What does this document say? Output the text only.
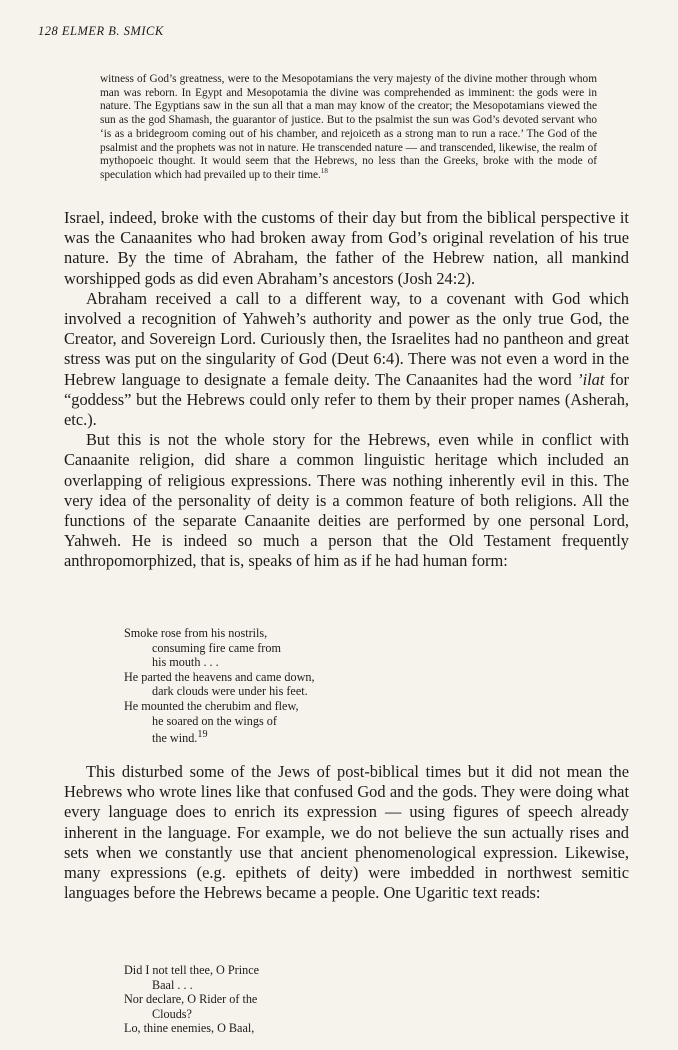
128 ELMER B. SMICK
witness of God’s greatness, were to the Mesopotamians the very majesty of the divine mother through whom man was reborn. In Egypt and Mesopotamia the divine was comprehended as imminent: the gods were in nature. The Egyptians saw in the sun all that a man may know of the creator; the Mesopotamians viewed the sun as the god Shamash, the guarantor of justice. But to the psalmist the sun was God’s devoted servant who ‘is as a bridegroom coming out of his chamber, and rejoiceth as a strong man to run a race.’ The God of the psalmist and the prophets was not in nature. He transcended nature — and transcended, likewise, the realm of mythopoeic thought. It would seem that the Hebrews, no less than the Greeks, broke with the mode of speculation which had prevailed up to their time.$^{18}$

Israel, indeed, broke with the customs of their day but from the biblical perspective it was the Canaanites who had broken away from God’s original revelation of his true nature. By the time of Abraham, the father of the Hebrew nation, all mankind worshipped gods as did even Abraham’s ancestors (Josh 24:2).

Abraham received a call to a different way, to a covenant with God which involved a recognition of Yahweh’s authority and power as the only true God, the Creator, and Sovereign Lord. Curiously then, the Israelites had no pantheon and great stress was put on the singularity of God (Deut 6:4). There was not even a word in the Hebrew language to designate a female deity. The Canaanites had the word ’ilat for “goddess” but the Hebrews could only refer to them by their proper names (Asherah, etc.).

But this is not the whole story for the Hebrews, even while in conflict with Canaanite religion, did share a common linguistic heritage which included an overlapping of religious expressions. There was nothing inherently evil in this. The very idea of the personality of deity is a common feature of both religions. All the functions of the separate Canaanite deities are performed by one personal Lord, Yahweh. He is indeed so much a person that the Old Testament frequently anthropomorphized, that is, speaks of him as if he had human form:

Smoke rose from his nostrils,
consuming fire came from
his mouth . . .
He parted the heavens and came down,
dark clouds were under his feet.
He mounted the cherubim and flew,
he soared on the wings of
the wind.$^{19}$

This disturbed some of the Jews of post-biblical times but it did not mean the Hebrews who wrote lines like that confused God and the gods. They were doing what every language does to enrich its expression — using figures of speech already inherent in the language. For example, we do not believe the sun actually rises and sets when we constantly use that ancient phenomenological expression. Likewise, many expressions (e.g. epithets of deity) were imbedded in northwest semitic languages before the Hebrews became a people. One Ugaritic text reads:

Did I not tell thee, O Prince
Baal . . .
Nor declare, O Rider of the
Clouds?
Lo, thine enemies, O Baal,
